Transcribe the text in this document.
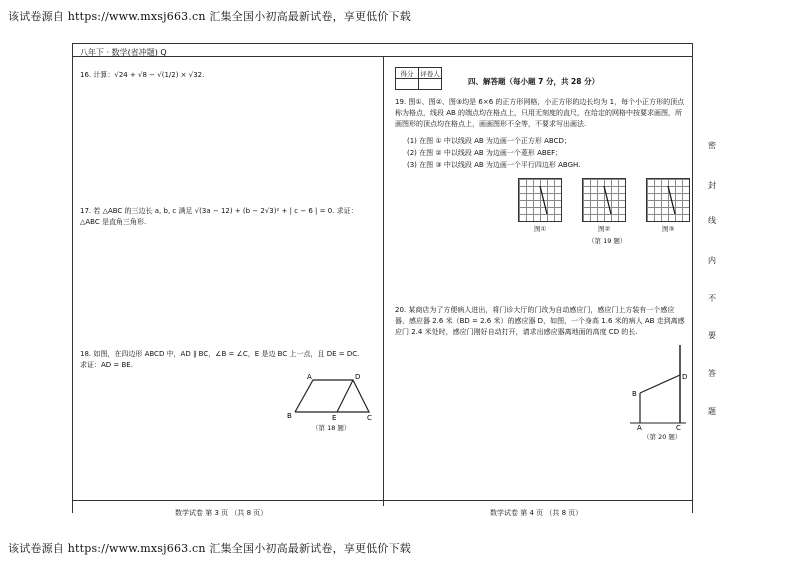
该试卷源自 https://www.mxsj663.cn 汇集全国小初高最新试卷，享更低价下载
该试卷源自 https://www.mxsj663.cn 汇集全国小初高最新试卷，享更低价下载
八年下 · 数学(省冲题) Q
16. 计算：√24 + √8 − √(1/2) × √32.
17. 若 △ABC 的三边长 a, b, c 满足 √(3a − 12) + (b − 2√3)² + | c − 6 | = 0. 求证：△ABC 是直角三角形.
18. 如图，在四边形 ABCD 中，AD ∥ BC，∠B = ∠C，E 是边 BC 上一点，且 DE = DC.
求证：AD = BE.
A	D
B	E	C
（第 18 题）
数学试卷 第 3 页 （共 8 页）
得分	评卷人

四、解答题（每小题 7 分，共 28 分）
19. 图①、图②、图③均是 6×6 的正方形网格，小正方形的边长均为 1，每个小正方形的顶点称为格点，线段 AB 的端点均在格点上，只用无刻度的直尺，在给定的网格中按要求画图，所画图形的顶点均在格点上，画画图形不全等，不要求写出画法.
(1) 在图 ① 中以线段 AB 为边画一个正方形 ABCD；
(2) 在图 ② 中以线段 AB 为边画一个菱形 ABEF；
(3) 在图 ③ 中以线段 AB 为边画一个平行四边形 ABGH.
图①	图②	图③
（第 19 题）
20. 某商店为了方便病人进出，将门诊大厅的门改为自动感应门，感应门上方装有一个感应器，感应器 2.6 米（BD = 2.6 米）的感应器 D，如图，一个身高 1.6 米的病人 AB 走到离感应门 2.4 米处时，感应门刚好自动打开，请求出感应器离地面的高度 CD 的长.
B
D
A	C
（第 20 题）
数学试卷 第 4 页 （共 8 页）
密
封
线
内
不
要
答
题
